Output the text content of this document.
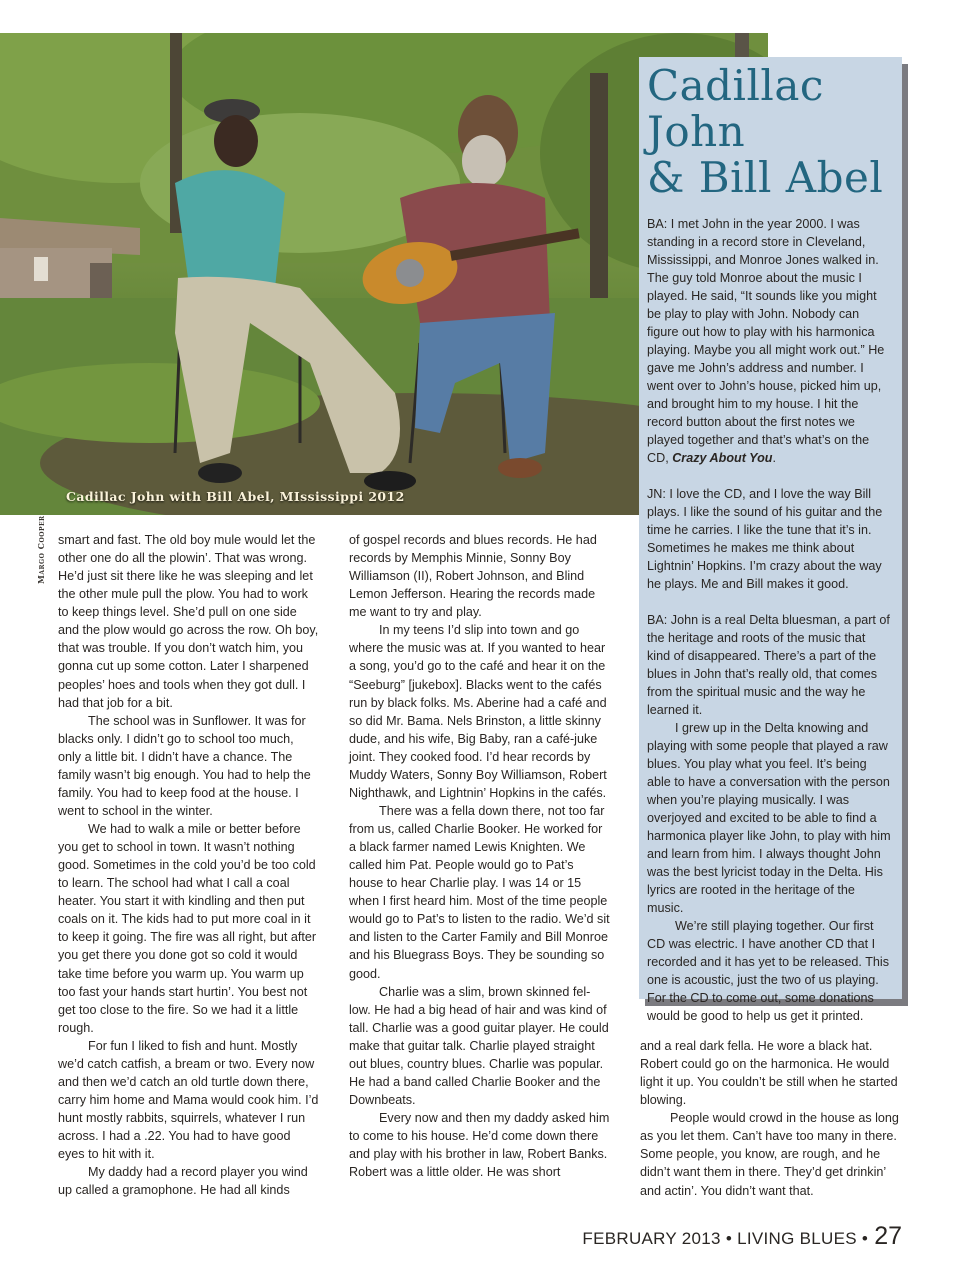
Cadillac John with Bill Abel, MIssissippi 2012
Margo Cooper
Cadillac John
& Bill Abel

BA: I met John in the year 2000. I was standing in a record store in Cleveland, Mississippi, and Monroe Jones walked in. The guy told Monroe about the music I played. He said, “It sounds like you might be play to play with John. Nobody can figure out how to play with his harmonica playing. Maybe you all might work out.” He gave me John’s address and number. I went over to John’s house, picked him up, and brought him to my house. I hit the record button about the first notes we played together and that’s what’s on the CD, Crazy About You.

JN: I love the CD, and I love the way Bill plays. I like the sound of his guitar and the time he carries. I like the tune that it’s in. Sometimes he makes me think about Lightnin’ Hopkins. I’m crazy about the way he plays. Me and Bill makes it good.

BA: John is a real Delta bluesman, a part of the heritage and roots of the music that kind of disappeared. There’s a part of the blues in John that’s really old, that comes from the spiritual music and the way he learned it.

I grew up in the Delta knowing and playing with some people that played a raw blues. You play what you feel. It’s being able to have a conversation with the person when you’re playing musically. I was overjoyed and excited to be able to find a harmonica player like John, to play with him and learn from him. I always thought John was the best lyricist today in the Delta. His lyrics are rooted in the heritage of the music.

We’re still playing together. Our first CD was electric. I have another CD that I recorded and it has yet to be released. This one is acoustic, just the two of us playing. For the CD to come out, some donations would be good to help us get it printed.

smart and fast. The old boy mule would let the other one do all the plowin’. That was wrong. He’d just sit there like he was sleeping and let the other mule pull the plow. You had to work to keep things level. She’d pull on one side and the plow would go across the row. Oh boy, that was trouble. If you don’t watch him, you gonna cut up some cotton. Later I sharpened peoples’ hoes and tools when they got dull. I had that job for a bit.

The school was in Sunflower. It was for blacks only. I didn’t go to school too much, only a little bit. I didn’t have a chance. The family wasn’t big enough. You had to help the family. You had to keep food at the house. I went to school in the winter.

We had to walk a mile or better before you get to school in town. It wasn’t nothing good. Sometimes in the cold you’d be too cold to learn. The school had what I call a coal heater. You start it with kindling and then put coals on it. The kids had to put more coal in it to keep it going. The fire was all right, but after you get there you done got so cold it would take time before you warm up. You warm up too fast your hands start hurtin’. You best not get too close to the fire. So we had it a little rough.

For fun I liked to fish and hunt. Mostly we’d catch catfish, a bream or two. Every now and then we’d catch an old turtle down there, carry him home and Mama would cook him. I’d hunt mostly rabbits, squirrels, whatever I run across. I had a .22. You had to have good eyes to hit with it.

My daddy had a record player you wind up called a gramophone. He had all kinds

of gospel records and blues records. He had records by Memphis Minnie, Sonny Boy Williamson (II), Robert Johnson, and Blind Lemon Jefferson. Hearing the records made me want to try and play.

In my teens I’d slip into town and go where the music was at. If you wanted to hear a song, you’d go to the café and hear it on the “Seeburg” [jukebox]. Blacks went to the cafés run by black folks. Ms. Aberine had a café and so did Mr. Bama. Nels Brinston, a little skinny dude, and his wife, Big Baby, ran a café-juke joint. They cooked food. I’d hear records by Muddy Waters, Sonny Boy Williamson, Robert Nighthawk, and Lightnin’ Hopkins in the cafés.

There was a fella down there, not too far from us, called Charlie Booker. He worked for a black farmer named Lewis Knighten. We called him Pat. People would go to Pat’s house to hear Charlie play. I was 14 or 15 when I first heard him. Most of the time people would go to Pat’s to listen to the radio. We’d sit and listen to the Carter Family and Bill Monroe and his Bluegrass Boys. They be sounding so good.

Charlie was a slim, brown skinned fel-low. He had a big head of hair and was kind of tall. Charlie was a good guitar player. He could make that guitar talk. Charlie played straight out blues, country blues. Charlie was popular. He had a band called Charlie Booker and the Downbeats.

Every now and then my daddy asked him to come to his house. He’d come down there and play with his brother in law, Robert Banks. Robert was a little older. He was short

and a real dark fella. He wore a black hat. Robert could go on the harmonica. He would light it up. You couldn’t be still when he started blowing.

People would crowd in the house as long as you let them. Can’t have too many in there. Some people, you know, are rough, and he didn’t want them in there. They’d get drinkin’ and actin’. You didn’t want that.

FEBRUARY 2013 • LIVING BLUES • 27
